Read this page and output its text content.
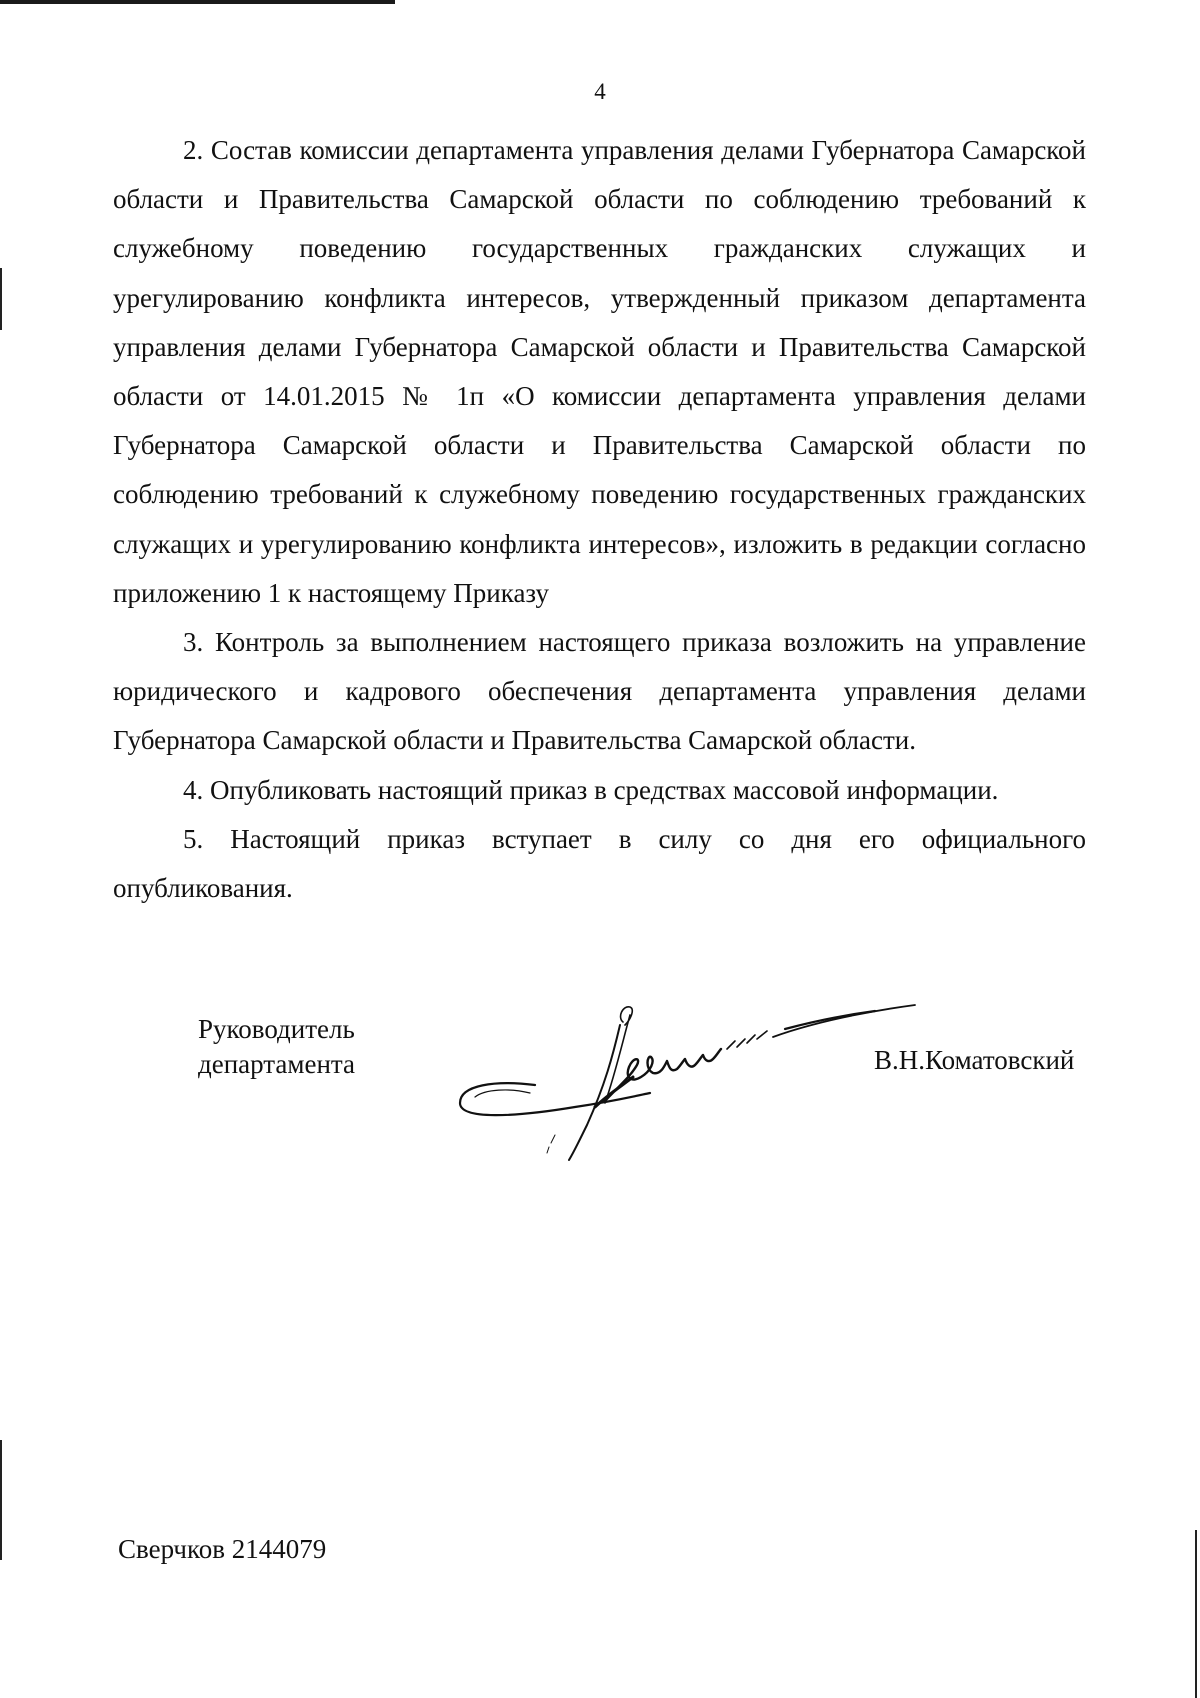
4

2. Состав комиссии департамента управления делами Губернатора Самарской области и Правительства Самарской области по соблюдению требований к служебному поведению государственных гражданских служащих и урегулированию конфликта интересов, утвержденный приказом департамента управления делами Губернатора Самарской области и Правительства Самарской области от 14.01.2015 № 1п «О комиссии департамента управления делами Губернатора Самарской области и Правительства Самарской области по соблюдению требований к служебному поведению государственных гражданских служащих и урегулированию конфликта интересов», изложить в редакции согласно приложению 1 к настоящему Приказу

3. Контроль за выполнением настоящего приказа возложить на управление юридического и кадрового обеспечения департамента управления делами Губернатора Самарской области и Правительства Самарской области.

4. Опубликовать настоящий приказ в средствах массовой информации.

5. Настоящий приказ вступает в силу со дня его официального опубликования.

Руководитель
департамента	В.Н.Коматовский
Сверчков 2144079
